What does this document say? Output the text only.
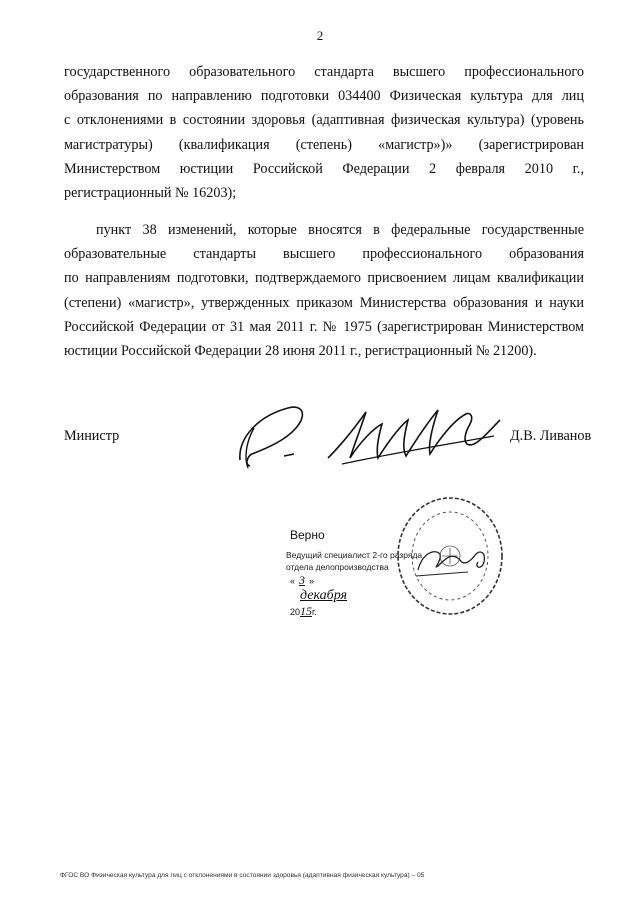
2
государственного образовательного стандарта высшего профессионального
образования по направлению подготовки 034400 Физическая культура для лиц
с отклонениями в состоянии здоровья (адаптивная физическая культура) (уровень
магистратуры) (квалификация (степень) «магистр»)» (зарегистрирован
Министерством юстиции Российской Федерации 2 февраля 2010 г.,
регистрационный № 16203);
пункт 38 изменений, которые вносятся в федеральные государственные
образовательные стандарты высшего профессионального образования
по направлениям подготовки, подтверждаемого присвоением лицам квалификации
(степени) «магистр», утвержденных приказом Министерства образования и науки
Российской Федерации от 31 мая 2011 г. № 1975 (зарегистрирован Министерством
юстиции Российской Федерации 28 июня 2011 г., регистрационный № 21200).
Министр	Д.В. Ливанов
Верно
Ведущий специалист 2-го разряда
отдела делопроизводства
« 3 » декабря 2015г.
ФГОС ВО Физическая культура для лиц с отклонениями в состоянии здоровья (адаптивная физическая культура) – 05
